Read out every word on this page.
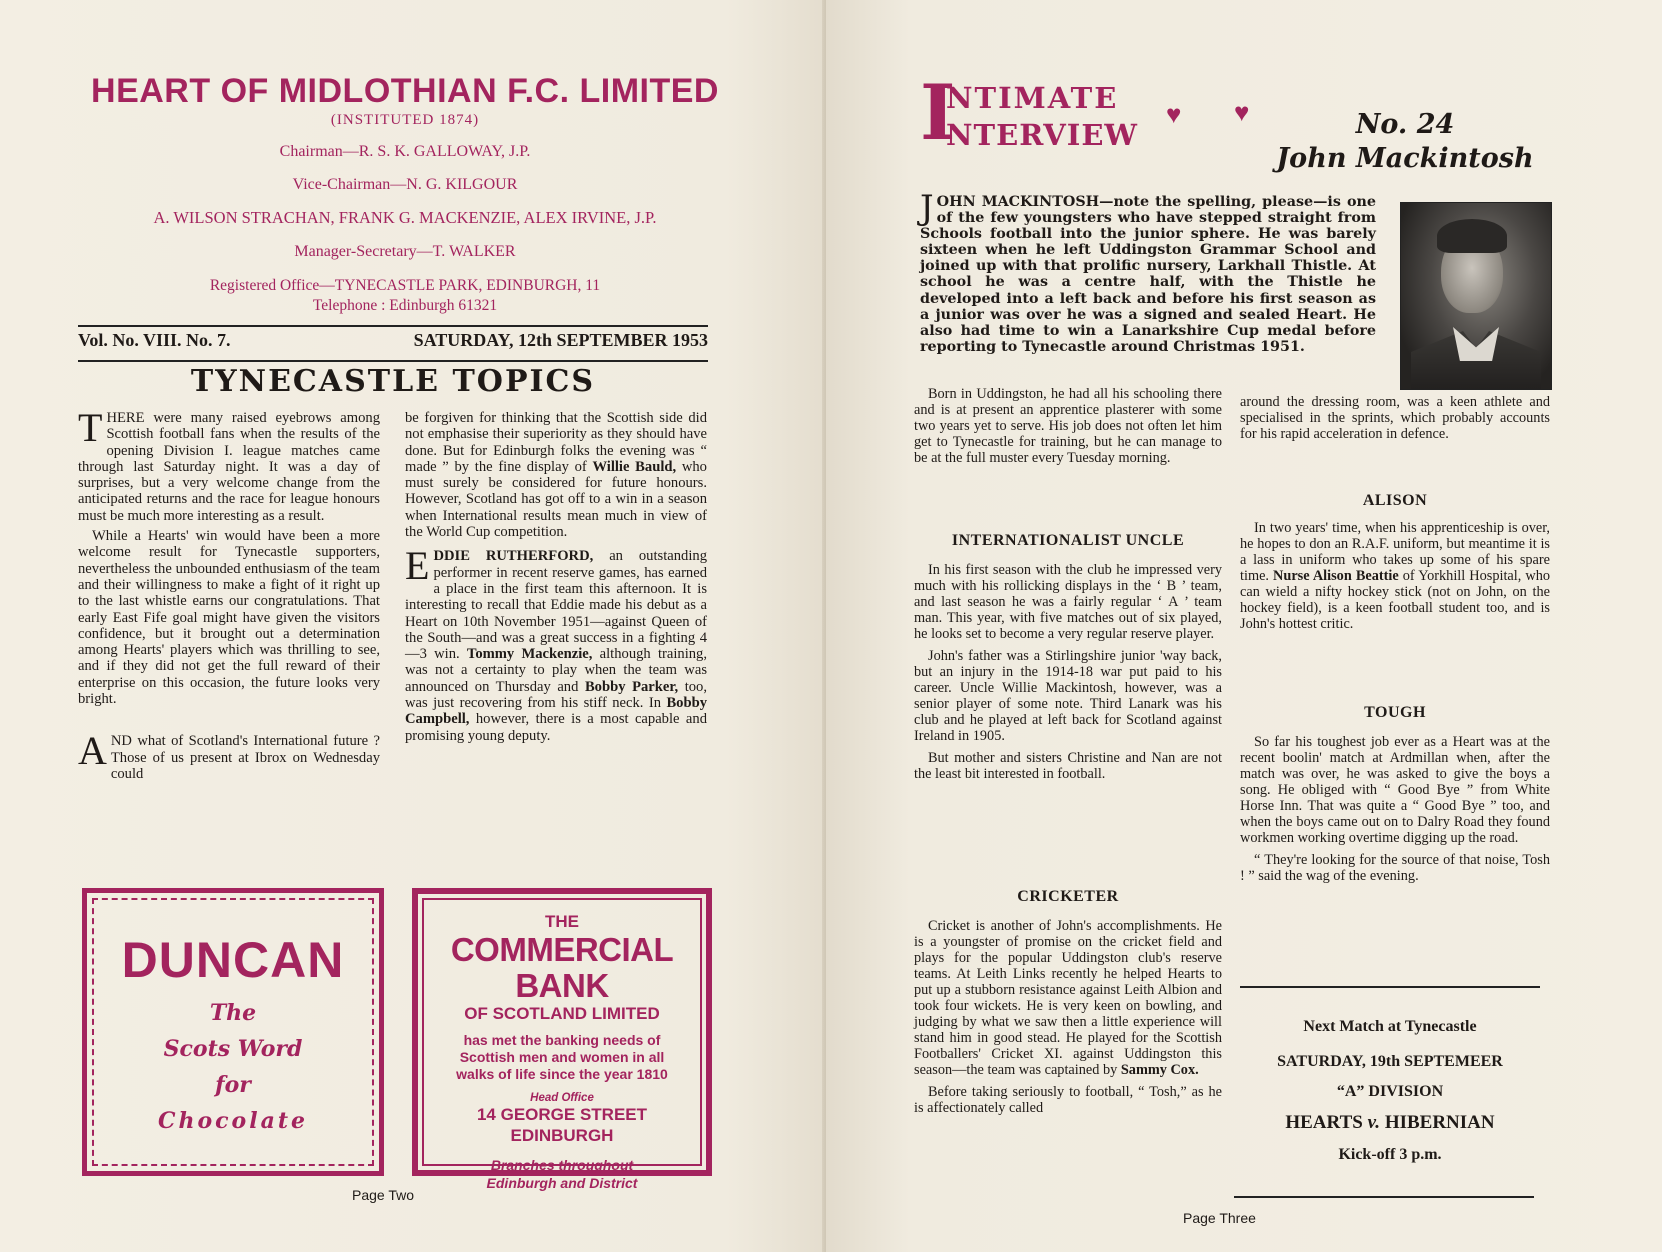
HEART OF MIDLOTHIAN F.C. LIMITED
(INSTITUTED 1874)
Chairman—R. S. K. GALLOWAY, J.P.
Vice-Chairman—N. G. KILGOUR
A. WILSON STRACHAN, FRANK G. MACKENZIE, ALEX IRVINE, J.P.
Manager-Secretary—T. WALKER
Registered Office—TYNECASTLE PARK, EDINBURGH, 11
Telephone : Edinburgh 61321
Vol. No. VIII. No. 7.	SATURDAY, 12th SEPTEMBER 1953
TYNECASTLE TOPICS

THERE were many raised eyebrows among Scottish football fans when the results of the opening Division I. league matches came through last Saturday night. It was a day of surprises, but a very welcome change from the anticipated returns and the race for league honours must be much more interesting as a result.

While a Hearts' win would have been a more welcome result for Tynecastle supporters, nevertheless the unbounded enthusiasm of the team and their willingness to make a fight of it right up to the last whistle earns our congratulations. That early East Fife goal might have given the visitors confidence, but it brought out a determination among Hearts' players which was thrilling to see, and if they did not get the full reward of their enterprise on this occasion, the future looks very bright.

AND what of Scotland's International future ? Those of us present at Ibrox on Wednesday could

be forgiven for thinking that the Scottish side did not emphasise their superiority as they should have done. But for Edinburgh folks the evening was “ made ” by the fine display of Willie Bauld, who must surely be considered for future honours. However, Scotland has got off to a win in a season when International results mean much in view of the World Cup competition.

EDDIE RUTHERFORD, an outstanding performer in recent reserve games, has earned a place in the first team this afternoon. It is interesting to recall that Eddie made his debut as a Heart on 10th November 1951—against Queen of the South—and was a great success in a fighting 4—3 win. Tommy Mackenzie, although training, was not a certainty to play when the team was announced on Thursday and Bobby Parker, too, was just recovering from his stiff neck. In Bobby Campbell, however, there is a most capable and promising young deputy.

DUNCAN
The
Scots Word
for
Chocolate
THE
COMMERCIAL BANK
OF SCOTLAND LIMITED
has met the banking needs of
Scottish men and women in all
walks of life since the year 1810
Head Office
14 GEORGE STREET
EDINBURGH
Branches throughout
Edinburgh and District
Page Two
I
NTIMATE
NTERVIEW
♥ ♥	No. 24
John Mackintosh
JOHN MACKINTOSH—note the spelling, please—is one of the few youngsters who have stepped straight from Schools football into the junior sphere. He was barely sixteen when he left Uddingston Grammar School and joined up with that prolific nursery, Larkhall Thistle. At school he was a centre half, with the Thistle he developed into a left back and before his first season as a junior was over he was a signed and sealed Heart. He also had time to win a Lanarkshire Cup medal before reporting to Tynecastle around Christmas 1951.

Born in Uddingston, he had all his schooling there and is at present an apprentice plasterer with some two years yet to serve. His job does not often let him get to Tynecastle for training, but he can manage to be at the full muster every Tuesday morning.

INTERNATIONALIST UNCLE

In his first season with the club he impressed very much with his rollicking displays in the ‘ B ’ team, and last season he was a fairly regular ‘ A ’ team man. This year, with five matches out of six played, he looks set to become a very regular reserve player.

John's father was a Stirlingshire junior 'way back, but an injury in the 1914-18 war put paid to his career. Uncle Willie Mackintosh, however, was a senior player of some note. Third Lanark was his club and he played at left back for Scotland against Ireland in 1905.

But mother and sisters Christine and Nan are not the least bit interested in football.

CRICKETER

Cricket is another of John's accomplishments. He is a youngster of promise on the cricket field and plays for the popular Uddingston club's reserve teams. At Leith Links recently he helped Hearts to put up a stubborn resistance against Leith Albion and took four wickets. He is very keen on bowling, and judging by what we saw then a little experience will stand him in good stead. He played for the Scottish Footballers' Cricket XI. against Uddingston this season—the team was captained by Sammy Cox.

Before taking seriously to football, “ Tosh,” as he is affectionately called

around the dressing room, was a keen athlete and specialised in the sprints, which probably accounts for his rapid acceleration in defence.

ALISON

In two years' time, when his apprenticeship is over, he hopes to don an R.A.F. uniform, but meantime it is a lass in uniform who takes up some of his spare time. Nurse Alison Beattie of Yorkhill Hospital, who can wield a nifty hockey stick (not on John, on the hockey field), is a keen football student too, and is John's hottest critic.

TOUGH

So far his toughest job ever as a Heart was at the recent boolin' match at Ardmillan when, after the match was over, he was asked to give the boys a song. He obliged with “ Good Bye ” from White Horse Inn. That was quite a “ Good Bye ” too, and when the boys came out on to Dalry Road they found workmen working overtime digging up the road.

“ They're looking for the source of that noise, Tosh ! ” said the wag of the evening.

Next Match at Tynecastle
SATURDAY, 19th SEPTEMEER
“A” DIVISION
HEARTS v. HIBERNIAN
Kick-off 3 p.m.
Page Three
